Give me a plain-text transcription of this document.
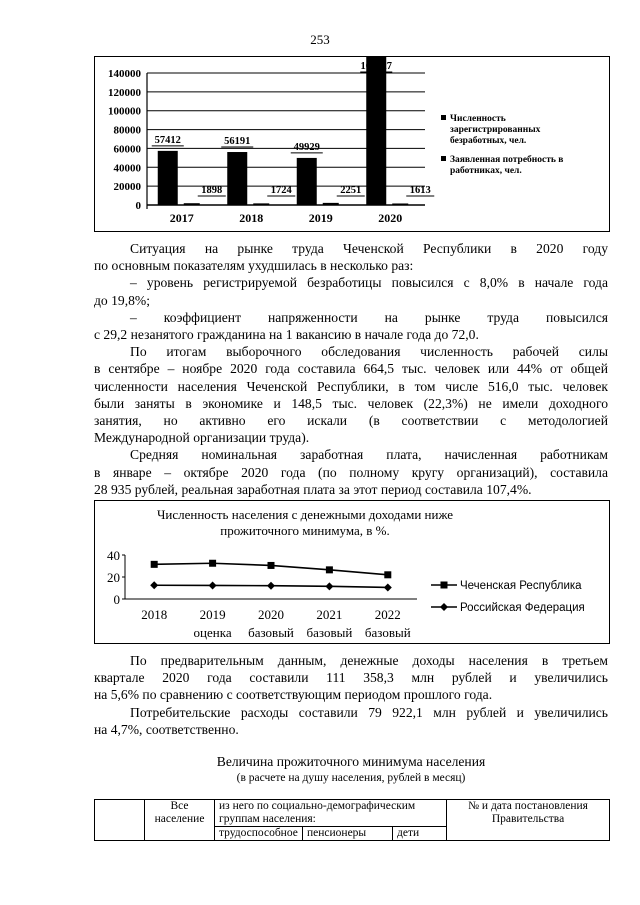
253
0
20000
40000
60000
80000
100000
120000
140000
57412
1898
2017
56191
1724
2018
49929
2251
2019
163327
1613
2020
Численность
зарегистрированных
безработных, чел.
Заявленная потребность в
работниках, чел.

Ситуация на рынке труда Чеченской Республики в 2020 году

по основным показателям ухудшилась в несколько раз:

– уровень регистрируемой безработицы повысился с 8,0% в начале года

до 19,8%;

– коэффициент напряженности на рынке труда повысился

с 29,2 незанятого гражданина на 1 вакансию в начале года до 72,0.

По итогам выборочного обследования численность рабочей силы

в сентябре – ноябре 2020 года составила 664,5 тыс. человек или 44% от общей

численности населения Чеченской Республики, в том числе 516,0 тыс. человек

были заняты в экономике и 148,5 тыс. человек (22,3%) не имели доходного

занятия, но активно его искали (в соответствии с методологией

Международной организации труда).

Средняя номинальная заработная плата, начисленная работникам

в январе – октябре 2020 года (по полному кругу организаций), составила

28 935 рублей, реальная заработная плата за этот период составила 107,4%.

Численность населения с денежными доходами ниже
прожиточного минимума, в %.
0
20
40
2018 2019
оценка
2020
базовый
2021
базовый
2022
базовый
Чеченская Республика
Российская Федерация

По предварительным данным, денежные доходы населения в третьем

квартале 2020 года составили 111 358,3 млн рублей и увеличились

на 5,6% по сравнению с соответствующим периодом прошлого года.

Потребительские расходы составили 79 922,1 млн рублей и увеличились

на 4,7%, соответственно.

Величина прожиточного минимума населения
(в расчете на душу населения, рублей в месяц)
	Все население	из него по социально-демографическим группам населения:			№ и дата постановления Правительства
		трудоспособное	пенсионеры	дети	
